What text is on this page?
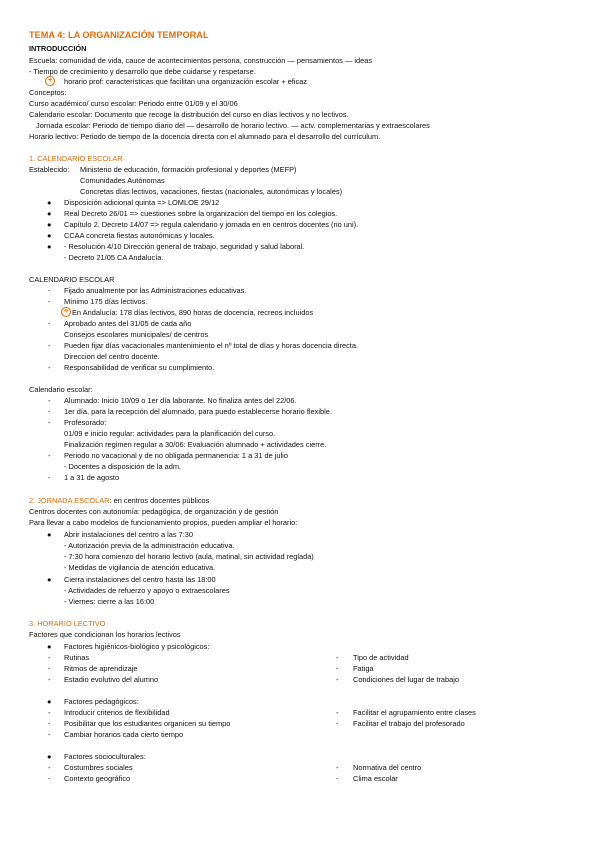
TEMA 4: LA ORGANIZACIÓN TEMPORAL
INTRODUCCIÓN
Escuela: comunidad de vida, cauce de acontecimientos persona, construcción — pensamientos — ideas
- Tiempo de crecimiento y desarrollo que debe cuidarse y respetarse.
+	horario prof: características que facilitan una organización escolar + eficaz
Conceptos:
Curso académico/ curso escolar: Periodo entre 01/09 y el 30/06
Calendario escolar: Documento que recoge la distribución del curso en días lectivos y no lectivos.
Jornada escolar: Periodo de tiempo diario del — desarrollo de horario lectivo. — actv. complementarias y extraescolares
Horario lectivo: Periodo de tiempo de la docencia directa con el alumnado para el desarrollo del currículum.
1. CALENDARIO ESCOLAR
Establecido: Ministerio de educación, formación profesional y deportes (MEFP)
Comunidades Autónomas
Concretas días lectivos, vacaciones, fiestas (nacionales, autonómicas y locales)
● Disposición adicional quinta => LOMLOE 29/12
● Real Decreto 26/01 => cuestiones sobre la organización del tiempo en los colegios.
● Capítulo 2. Decreto 14/07 => regula calendario y jornada en en centros docentes (no uni).
● CCAA concreta fiestas autonómicas y locales.
● - Resolución 4/10 Dirección general de trabajo, seguridad y salud laboral.
- Decreto 21/05 CA Andalucía.
CALENDARIO ESCOLAR
- Fijado anualmente por las Administraciones educativas.
- Mínimo 175 días lectivos.
+ En Andalucía: 178 días lectivos, 890 horas de docencia, recreos incluidos
- Aprobado antes del 31/05 de cada año
Consejos escolares municipales/ de centros
- Pueden fijar días vacacionales mantenimiento el nº total de días y horas docencia directa.
Direccion del centro docente.
- Responsabilidad de verificar su cumplimiento.
Calendario escolar:
- Alumnado: Inicio 10/09 o 1er día laborante. No finaliza antes del 22/06.
- 1er día, para la recepción del alumnado, para puedo establecerse horario flexible.
- Profesorado:
01/09 e inicio regular: actividades para la planificación del curso.
Finalización regimen regular a 30/06: Evaluación alumnado + actividades cierre.
- Periodo no vacacional y de no obligada permanencia: 1 a 31 de julio
- Docentes a disposición de la adm.
- 1 a 31 de agosto
2. JORNADA ESCOLAR: en centros docentes públicos
Centros docentes con autonomía: pedagógica, de organización y de gestión
Para llevar a cabo modelos de funcionamiento propios, pueden ampliar el horario:
● Abrir instalaciones del centro a las 7:30
- Autorización previa de la administración educativa.
- 7:30 hora comienzo del horario lectivo (aula, matinal, sin actividad reglada)
- Medidas de vigilancia de atención educativa.
● Cierra instalaciones del centro hasta las 18:00
- Actividades de refuerzo y apoyo o extraescolares
- Viernes: cierre a las 16:00
3. HORARIO LECTIVO
Factores que condicionan los horarios lectivos
● Factores higiénicos-biológico y psicológicos:
- Rutinas	- Tipo de actividad
- Ritmos de aprendizaje	- Fatiga
- Estadio evolutivo del alumno	- Condiciones del lugar de trabajo
● Factores pedagógicos:
- Introducir criterios de flexibilidad	- Facilitar el agrupamiento entre clases
- Posibilitar que los estudiantes organicen su tiempo	- Facilitar el trabajo del profesorado
- Cambiar horarios cada cierto tiempo
● Factores socioculturales:
- Costumbres sociales	- Normativa del centro
- Contexto geográfico	- Clima escolar
